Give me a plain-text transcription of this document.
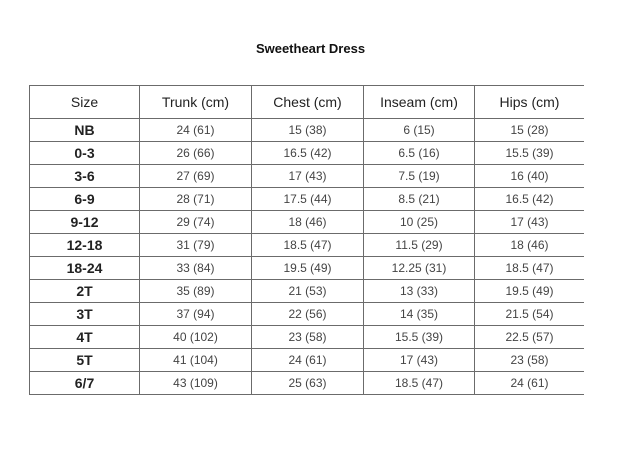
Sweetheart Dress
Size	Trunk (cm)	Chest (cm)	Inseam (cm)	Hips (cm)
NB	24 (61)	15 (38)	6 (15)	15 (28)
0-3	26 (66)	16.5 (42)	6.5 (16)	15.5 (39)
3-6	27 (69)	17 (43)	7.5 (19)	16 (40)
6-9	28 (71)	17.5 (44)	8.5 (21)	16.5 (42)
9-12	29 (74)	18 (46)	10 (25)	17 (43)
12-18	31 (79)	18.5 (47)	11.5 (29)	18 (46)
18-24	33 (84)	19.5 (49)	12.25 (31)	18.5 (47)
2T	35 (89)	21 (53)	13 (33)	19.5 (49)
3T	37 (94)	22 (56)	14 (35)	21.5 (54)
4T	40 (102)	23 (58)	15.5 (39)	22.5 (57)
5T	41 (104)	24 (61)	17 (43)	23 (58)
6/7	43 (109)	25 (63)	18.5 (47)	24 (61)
